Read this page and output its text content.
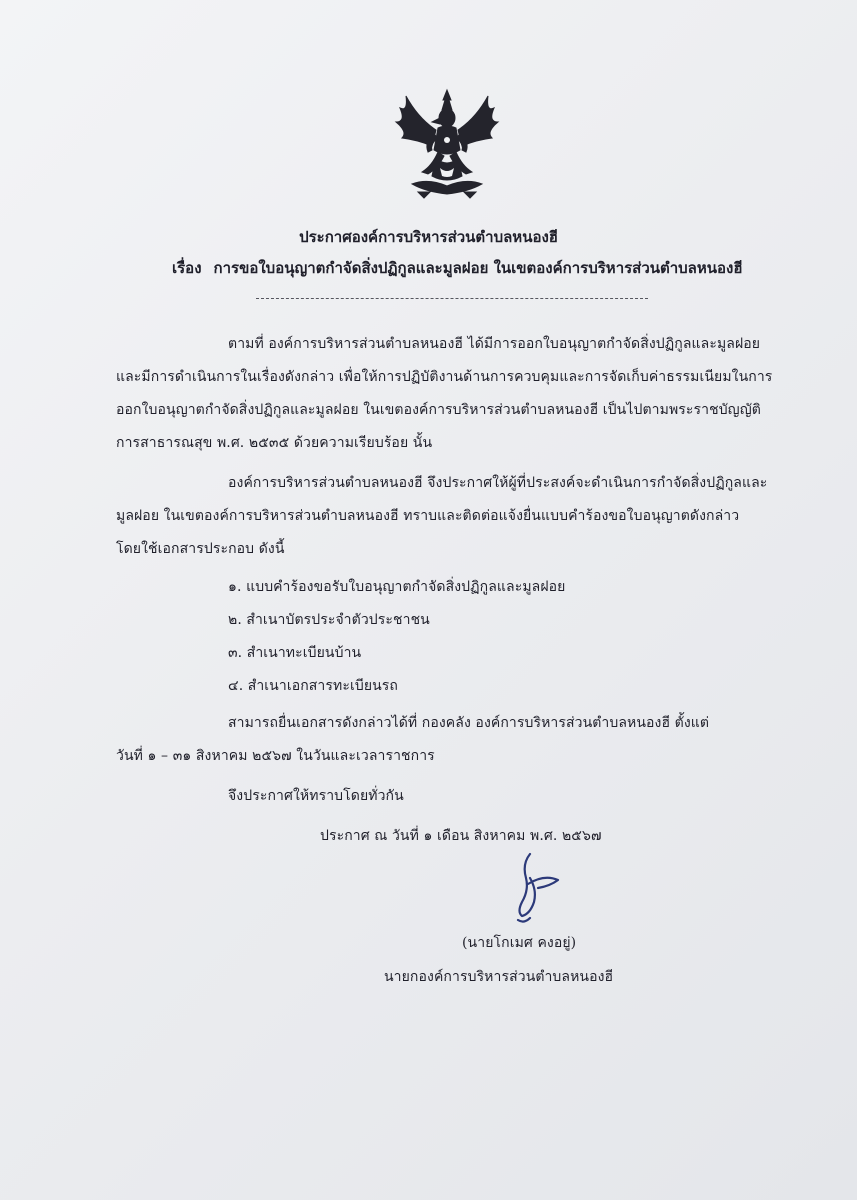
ประกาศองค์การบริหารส่วนตำบลหนองฮี
เรื่อง การขอใบอนุญาตกำจัดสิ่งปฏิกูลและมูลฝอย ในเขตองค์การบริหารส่วนตำบลหนองฮี
ตามที่ องค์การบริหารส่วนตำบลหนองฮี ได้มีการออกใบอนุญาตกำจัดสิ่งปฏิกูลและมูลฝอย
และมีการดำเนินการในเรื่องดังกล่าว เพื่อให้การปฏิบัติงานด้านการควบคุมและการจัดเก็บค่าธรรมเนียมในการ
ออกใบอนุญาตกำจัดสิ่งปฏิกูลและมูลฝอย ในเขตองค์การบริหารส่วนตำบลหนองฮี เป็นไปตามพระราชบัญญัติ
การสาธารณสุข พ.ศ. ๒๕๓๕ ด้วยความเรียบร้อย นั้น
องค์การบริหารส่วนตำบลหนองฮี จึงประกาศให้ผู้ที่ประสงค์จะดำเนินการกำจัดสิ่งปฏิกูลและ
มูลฝอย ในเขตองค์การบริหารส่วนตำบลหนองฮี ทราบและติดต่อแจ้งยื่นแบบคำร้องขอใบอนุญาตดังกล่าว
โดยใช้เอกสารประกอบ ดังนี้
๑. แบบคำร้องขอรับใบอนุญาตกำจัดสิ่งปฏิกูลและมูลฝอย
๒. สำเนาบัตรประจำตัวประชาชน
๓. สำเนาทะเบียนบ้าน
๔. สำเนาเอกสารทะเบียนรถ
สามารถยื่นเอกสารดังกล่าวได้ที่ กองคลัง องค์การบริหารส่วนตำบลหนองฮี ตั้งแต่
วันที่ ๑ – ๓๑ สิงหาคม ๒๕๖๗ ในวันและเวลาราชการ
จึงประกาศให้ทราบโดยทั่วกัน
ประกาศ ณ วันที่ ๑ เดือน สิงหาคม พ.ศ. ๒๕๖๗
(นายโกเมศ คงอยู่)
นายกองค์การบริหารส่วนตำบลหนองฮี
